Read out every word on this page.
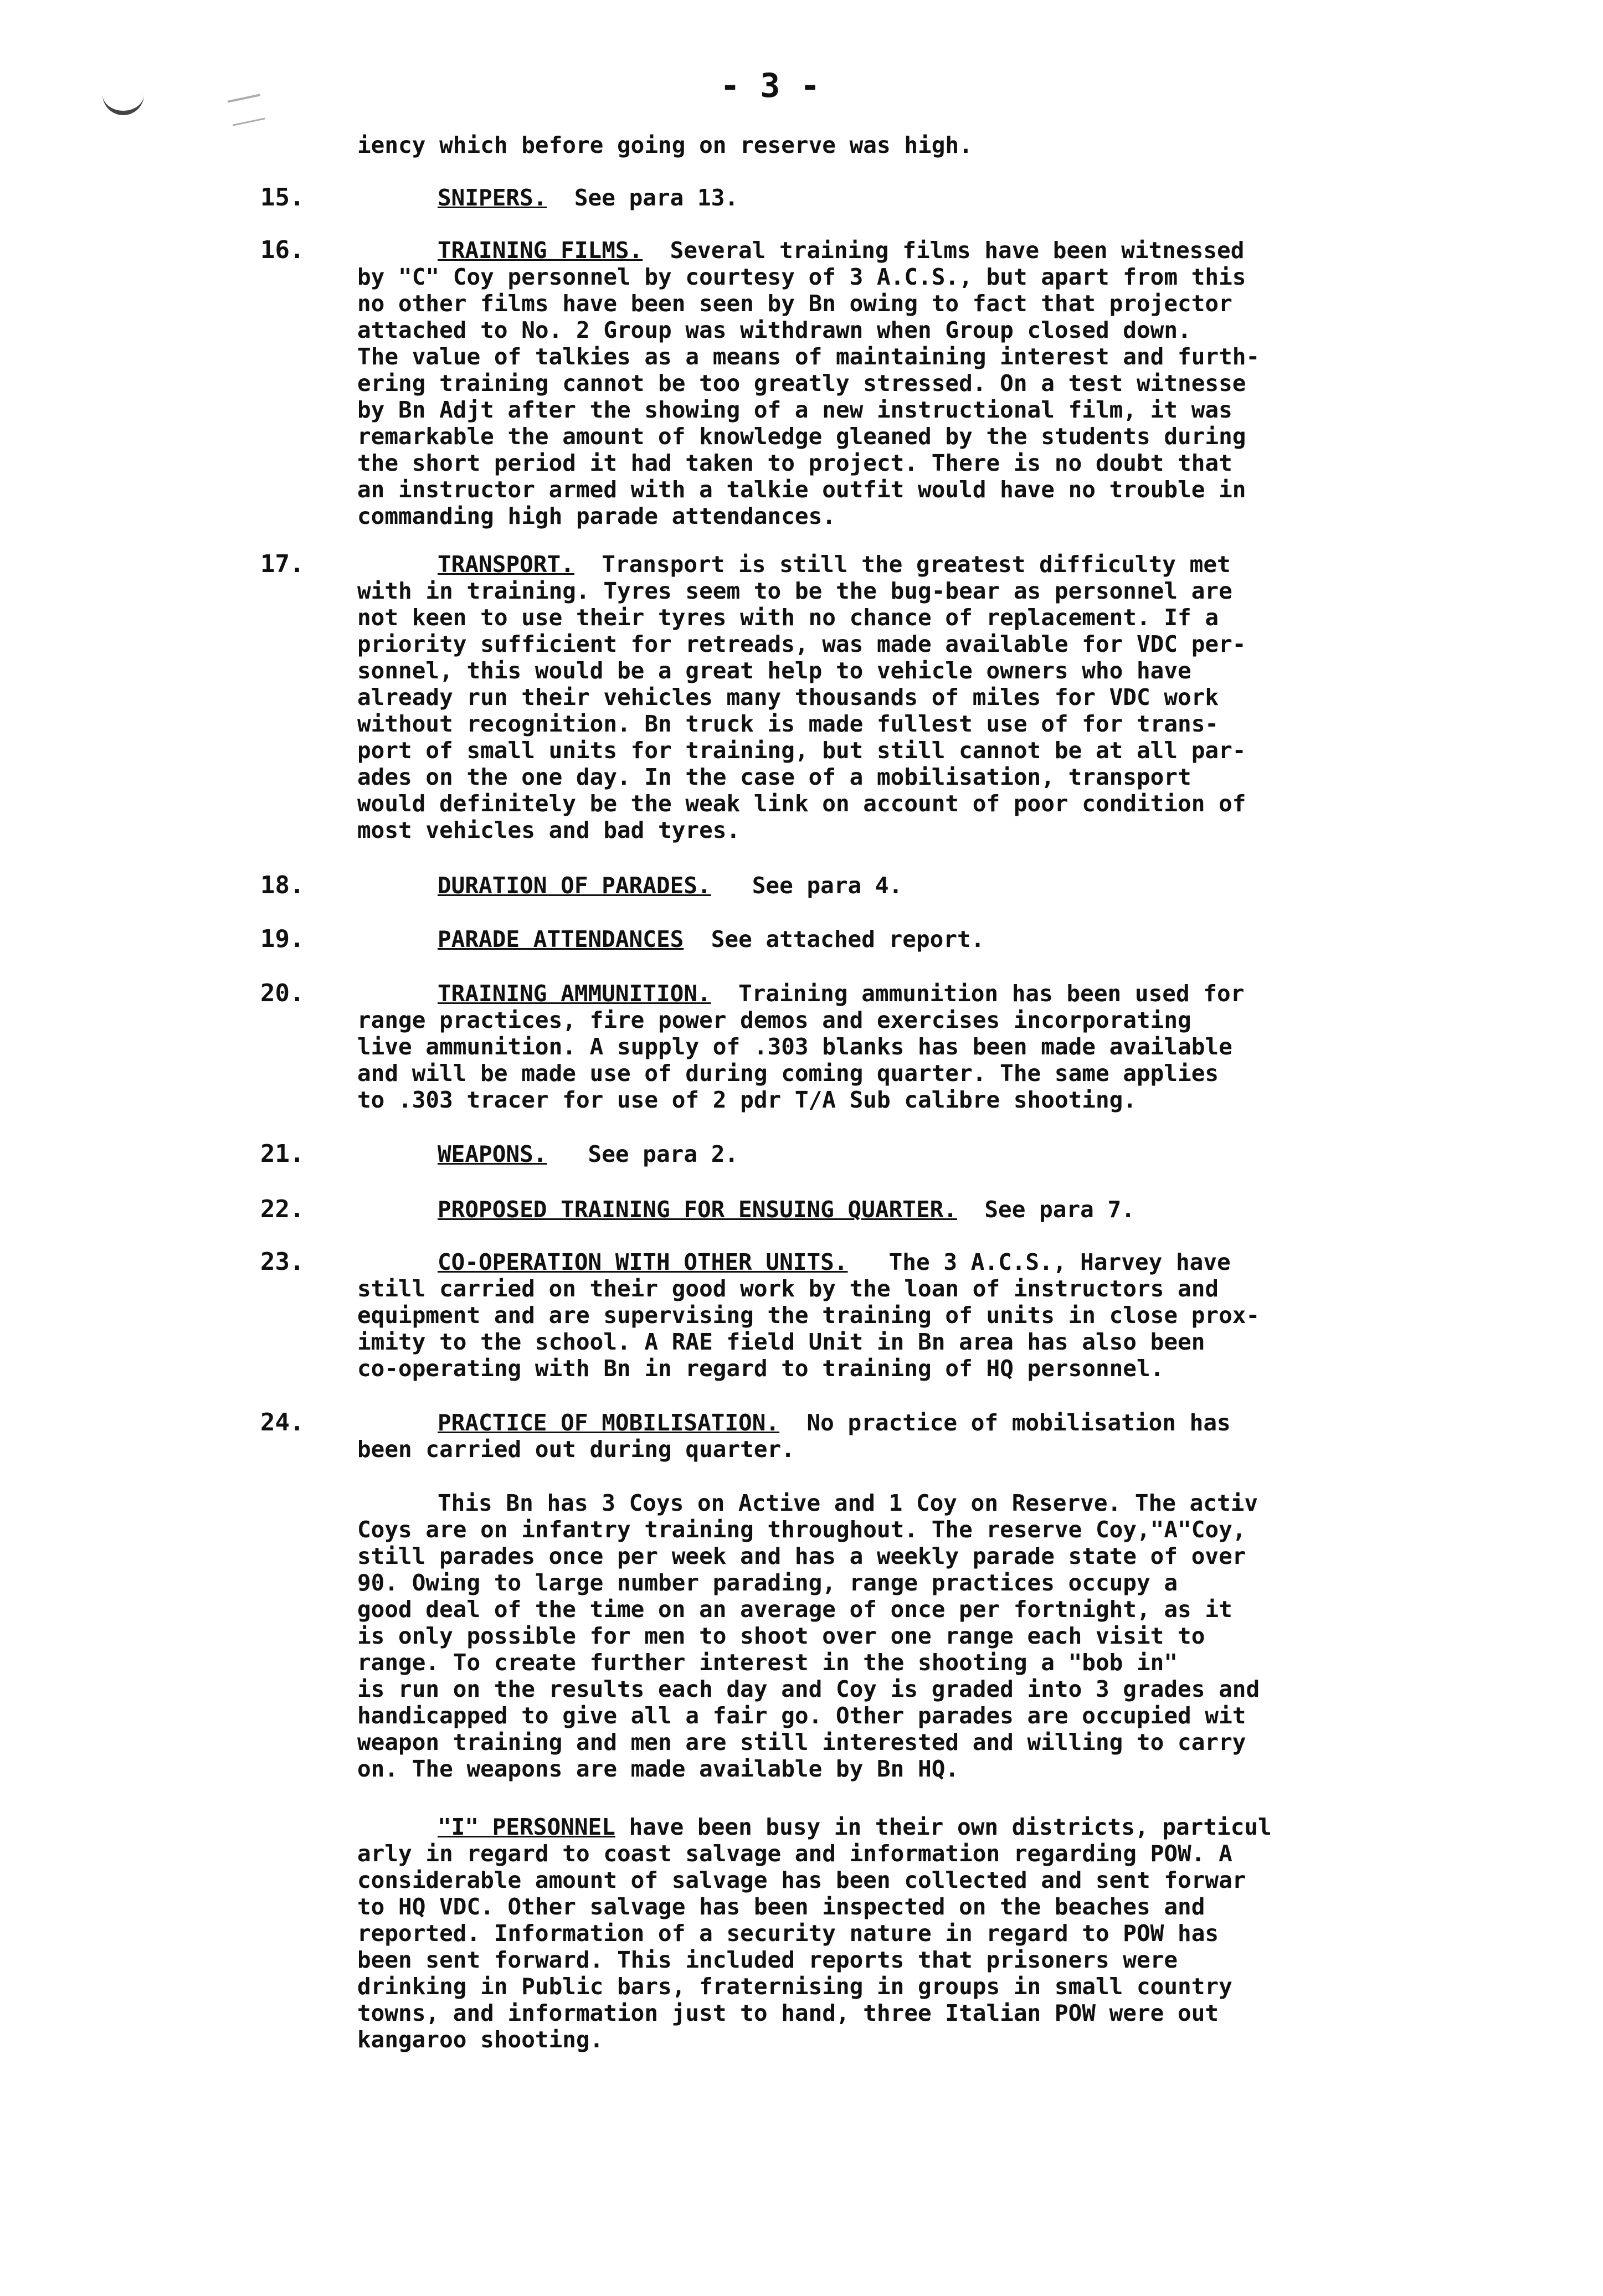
- 3 -
iency which before going on reserve was high.
15.	SNIPERS. See para 13.
16.	TRAINING FILMS. Several training films have been witnessed
by "C" Coy personnel by courtesy of 3 A.C.S., but apart from this
no other films have been seen by Bn owing to fact that projector
attached to No. 2 Group was withdrawn when Group closed down.
The value of talkies as a means of maintaining interest and furth-
ering training cannot be too greatly stressed. On a test witnesse
by Bn Adjt after the showing of a new instructional film, it was
remarkable the amount of knowledge gleaned by the students during
the short period it had taken to project. There is no doubt that
an instructor armed with a talkie outfit would have no trouble in
commanding high parade attendances.
17.	TRANSPORT. Transport is still the greatest difficulty met
with in training. Tyres seem to be the bug-bear as personnel are
not keen to use their tyres with no chance of replacement. If a
priority sufficient for retreads, was made available for VDC per-
sonnel, this would be a great help to vehicle owners who have
already run their vehicles many thousands of miles for VDC work
without recognition. Bn truck is made fullest use of for trans-
port of small units for training, but still cannot be at all par-
ades on the one day. In the case of a mobilisation, transport
would definitely be the weak link on account of poor condition of
most vehicles and bad tyres.
18.	DURATION OF PARADES. See para 4.
19.	PARADE ATTENDANCES See attached report.
20.	TRAINING AMMUNITION. Training ammunition has been used for
range practices, fire power demos and exercises incorporating
live ammunition. A supply of .303 blanks has been made available
and will be made use of during coming quarter. The same applies
to .303 tracer for use of 2 pdr T/A Sub calibre shooting.
21.	WEAPONS. See para 2.
22.	PROPOSED TRAINING FOR ENSUING QUARTER. See para 7.
23.	CO-OPERATION WITH OTHER UNITS. The 3 A.C.S., Harvey have
still carried on their good work by the loan of instructors and
equipment and are supervising the training of units in close prox-
imity to the school. A RAE field Unit in Bn area has also been
co-operating with Bn in regard to training of HQ personnel.
24.	PRACTICE OF MOBILISATION. No practice of mobilisation has
been carried out during quarter.
This Bn has 3 Coys on Active and 1 Coy on Reserve. The activ
Coys are on infantry training throughout. The reserve Coy,"A"Coy,
still parades once per week and has a weekly parade state of over
90. Owing to large number parading, range practices occupy a
good deal of the time on an average of once per fortnight, as it
is only possible for men to shoot over one range each visit to
range. To create further interest in the shooting a "bob in"
is run on the results each day and Coy is graded into 3 grades and
handicapped to give all a fair go. Other parades are occupied wit
weapon training and men are still interested and willing to carry
on. The weapons are made available by Bn HQ.
"I" PERSONNEL have been busy in their own districts, particul
arly in regard to coast salvage and information regarding POW. A
considerable amount of salvage has been collected and sent forwar
to HQ VDC. Other salvage has been inspected on the beaches and
reported. Information of a security nature in regard to POW has
been sent forward. This included reports that prisoners were
drinking in Public bars, fraternising in groups in small country
towns, and information just to hand, three Italian POW were out
kangaroo shooting.
